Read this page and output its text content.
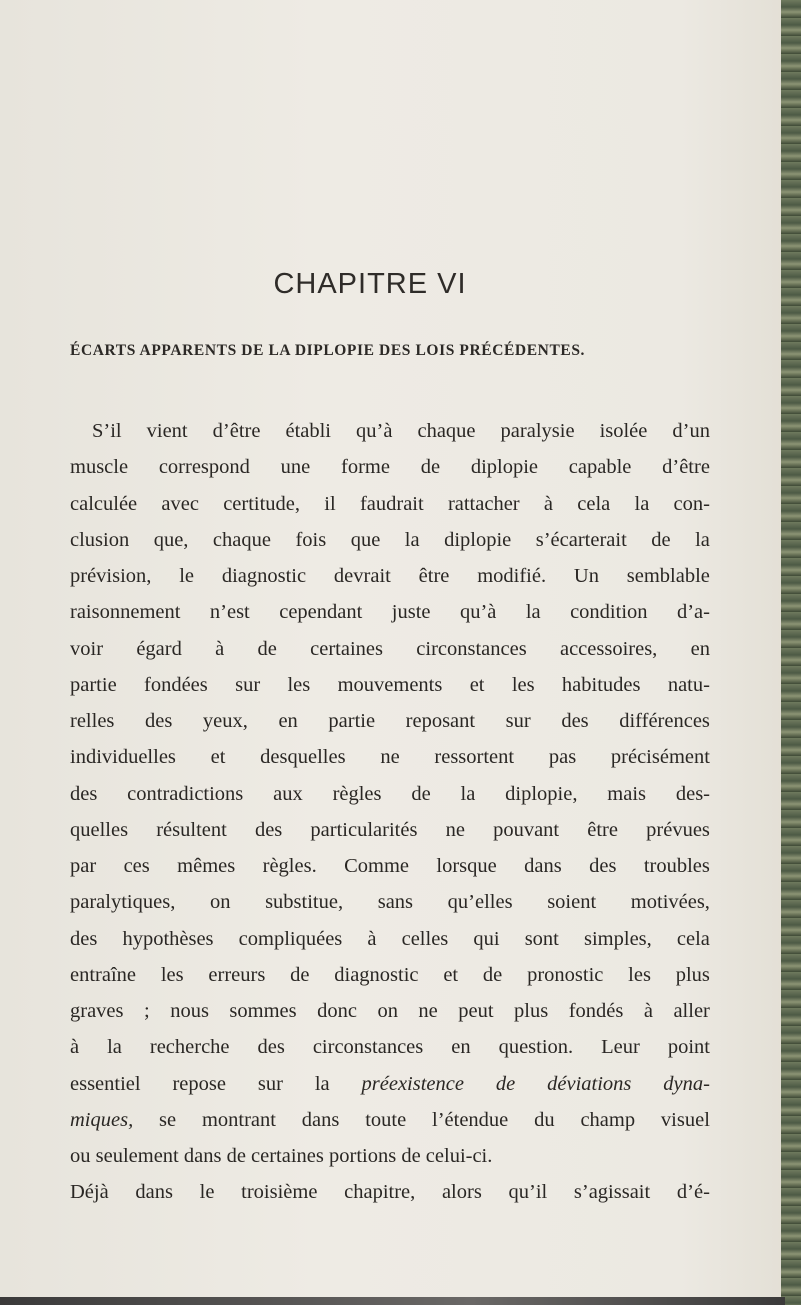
CHAPITRE VI
ÉCARTS APPARENTS DE LA DIPLOPIE DES LOIS PRÉCÉDENTES.
S’il vient d’être établi qu’à chaque paralysie isolée d’un
muscle correspond une forme de diplopie capable d’être
calculée avec certitude, il faudrait rattacher à cela la con-
clusion que, chaque fois que la diplopie s’écarterait de la
prévision, le diagnostic devrait être modifié. Un semblable
raisonnement n’est cependant juste qu’à la condition d’a-
voir égard à de certaines circonstances accessoires, en
partie fondées sur les mouvements et les habitudes natu-
relles des yeux, en partie reposant sur des différences
individuelles et desquelles ne ressortent pas précisément
des contradictions aux règles de la diplopie, mais des-
quelles résultent des particularités ne pouvant être prévues
par ces mêmes règles. Comme lorsque dans des troubles
paralytiques, on substitue, sans qu’elles soient motivées,
des hypothèses compliquées à celles qui sont simples, cela
entraîne les erreurs de diagnostic et de pronostic les plus
graves ; nous sommes donc on ne peut plus fondés à aller
à la recherche des circonstances en question. Leur point
essentiel repose sur la préexistence de déviations dyna-
miques, se montrant dans toute l’étendue du champ visuel
ou seulement dans de certaines portions de celui-ci.
Déjà dans le troisième chapitre, alors qu’il s’agissait d’é-
